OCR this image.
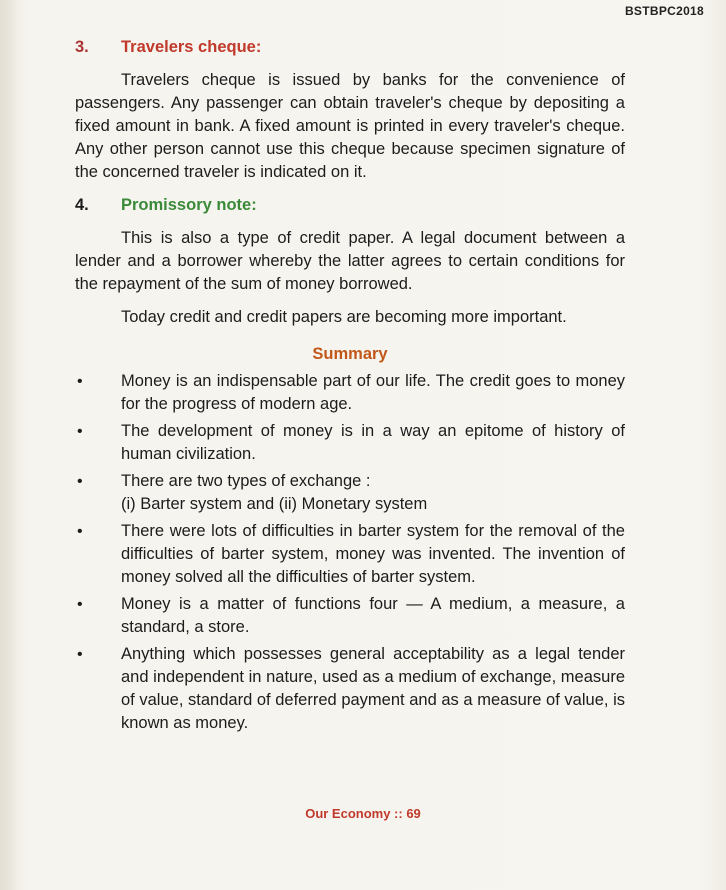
BSTBPC2018
3.	Travelers cheque:
Travelers cheque is issued by banks for the convenience of passengers. Any passenger can obtain traveler's cheque by depositing a fixed amount in bank. A fixed amount is printed in every traveler's cheque. Any other person cannot use this cheque because specimen signature of the concerned traveler is indicated on it.
4.	Promissory note:
This is also a type of credit paper. A legal document between a lender and a borrower whereby the latter agrees to certain conditions for the repayment of the sum of money borrowed.
Today credit and credit papers are becoming more important.
Summary
• Money is an indispensable part of our life. The credit goes to money for the progress of modern age.
• The development of money is in a way an epitome of history of human civilization.
• There are two types of exchange :
(i) Barter system and (ii) Monetary system
• There were lots of difficulties in barter system for the removal of the difficulties of barter system, money was invented. The invention of money solved all the difficulties of barter system.
• Money is a matter of functions four — A medium, a measure, a standard, a store.
• Anything which possesses general acceptability as a legal tender and independent in nature, used as a medium of exchange, measure of value, standard of deferred payment and as a measure of value, is known as money.
Our Economy :: 69
